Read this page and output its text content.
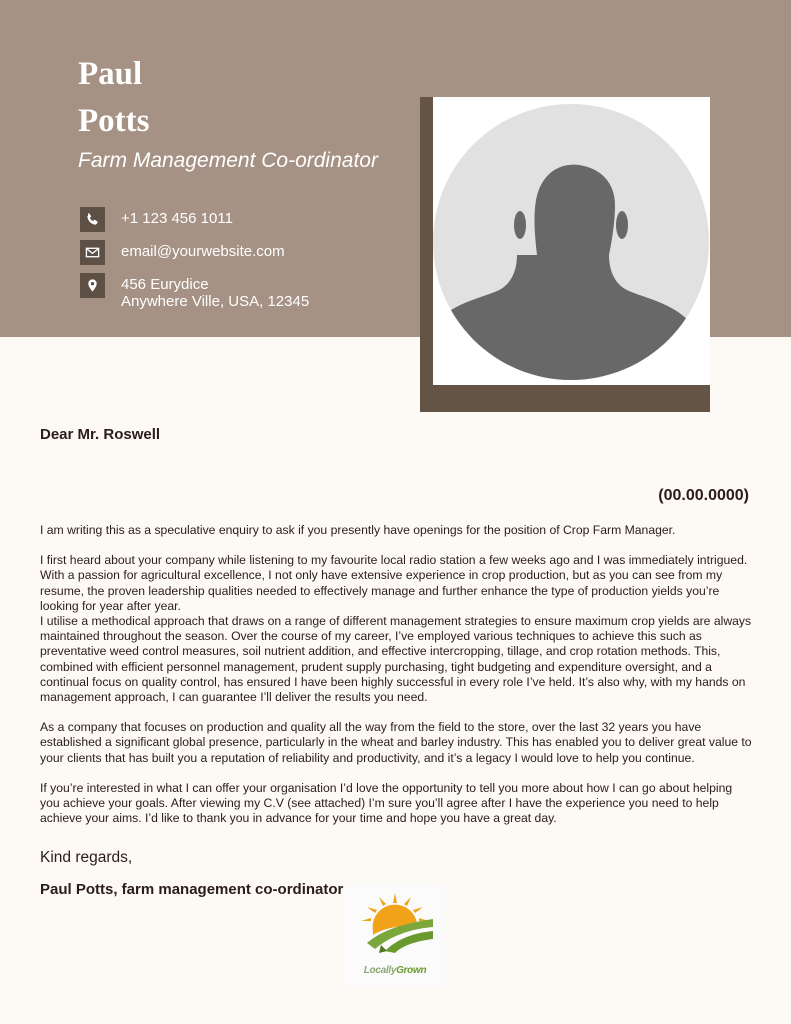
Paul
Potts
Farm Management Co-ordinator
+1 123 456 1011
email@yourwebsite.com
456 Eurydice
Anywhere Ville, USA, 12345
Dear Mr. Roswell
(00.00.0000)

I am writing this as a speculative enquiry to ask if you presently have openings for the position of Crop Farm Manager.

I first heard about your company while listening to my favourite local radio station a few weeks ago and I was immediately intrigued. With a passion for agricultural excellence, I not only have extensive experience in crop production, but as you can see from my resume, the proven leadership qualities needed to effectively manage and further enhance the type of production yields you’re looking for year after year.

I utilise a methodical approach that draws on a range of different management strategies to ensure maximum crop yields are always maintained throughout the season. Over the course of my career, I’ve employed various techniques to achieve this such as preventative weed control measures, soil nutrient addition, and effective intercropping, tillage, and crop rotation methods. This, combined with efficient personnel management, prudent supply purchasing, tight budgeting and expenditure oversight, and a continual focus on quality control, has ensured I have been highly successful in every role I’ve held. It’s also why, with my hands on management approach, I can guarantee I’ll deliver the results you need.

As a company that focuses on production and quality all the way from the field to the store, over the last 32 years you have established a significant global presence, particularly in the wheat and barley industry. This has enabled you to deliver great value to your clients that has built you a reputation of reliability and productivity, and it’s a legacy I would love to help you continue.

If you’re interested in what I can offer your organisation I’d love the opportunity to tell you more about how I can go about helping you achieve your goals. After viewing my C.V (see attached) I’m sure you’ll agree after I have the experience you need to help achieve your aims. I’d like to thank you in advance for your time and hope you have a great day.

Kind regards,
Paul Potts, farm management co-ordinator
LocallyGrown
